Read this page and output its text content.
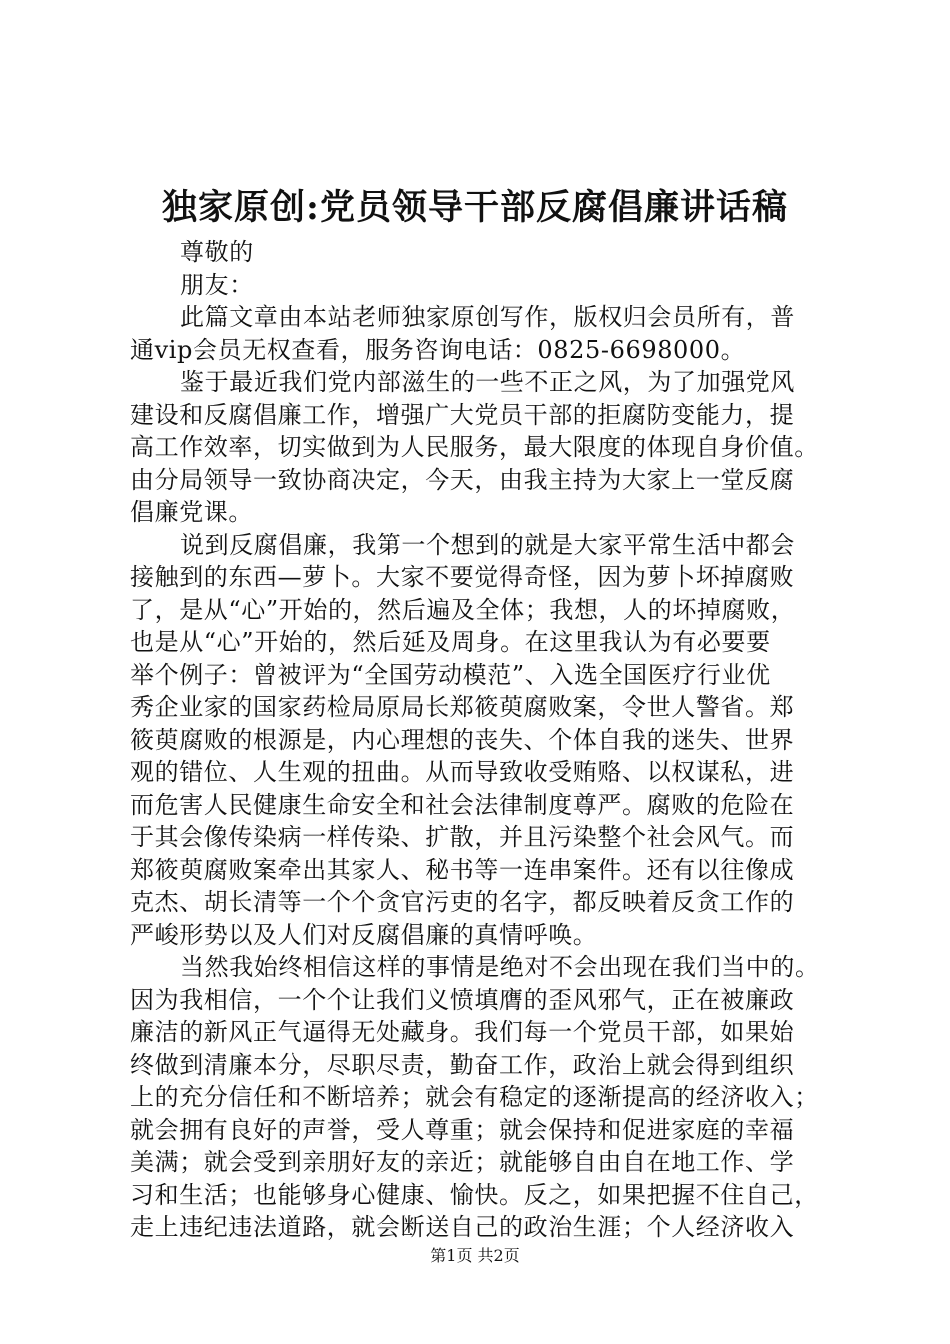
独家原创:党员领导干部反腐倡廉讲话稿
尊敬的
朋友：
此篇文章由本站老师独家原创写作，版权归会员所有，普
通vip会员无权查看，服务咨询电话：0825-6698000。
鉴于最近我们党内部滋生的一些不正之风，为了加强党风
建设和反腐倡廉工作，增强广大党员干部的拒腐防变能力，提
高工作效率，切实做到为人民服务，最大限度的体现自身价值。
由分局领导一致协商决定，今天，由我主持为大家上一堂反腐
倡廉党课。
说到反腐倡廉，我第一个想到的就是大家平常生活中都会
接触到的东西—萝卜。大家不要觉得奇怪，因为萝卜坏掉腐败
了，是从“心”开始的，然后遍及全体；我想，人的坏掉腐败，
也是从“心”开始的，然后延及周身。在这里我认为有必要要
举个例子：曾被评为“全国劳动模范”、入选全国医疗行业优
秀企业家的国家药检局原局长郑筱萸腐败案，令世人警省。郑
筱萸腐败的根源是，内心理想的丧失、个体自我的迷失、世界
观的错位、人生观的扭曲。从而导致收受贿赂、以权谋私，进
而危害人民健康生命安全和社会法律制度尊严。腐败的危险在
于其会像传染病一样传染、扩散，并且污染整个社会风气。而
郑筱萸腐败案牵出其家人、秘书等一连串案件。还有以往像成
克杰、胡长清等一个个贪官污吏的名字，都反映着反贪工作的
严峻形势以及人们对反腐倡廉的真情呼唤。
当然我始终相信这样的事情是绝对不会出现在我们当中的。
因为我相信，一个个让我们义愤填膺的歪风邪气，正在被廉政
廉洁的新风正气逼得无处藏身。我们每一个党员干部，如果始
终做到清廉本分，尽职尽责，勤奋工作，政治上就会得到组织
上的充分信任和不断培养；就会有稳定的逐渐提高的经济收入；
就会拥有良好的声誉，受人尊重；就会保持和促进家庭的幸福
美满；就会受到亲朋好友的亲近；就能够自由自在地工作、学
习和生活；也能够身心健康、愉快。反之，如果把握不住自己，
走上违纪违法道路，就会断送自己的政治生涯；个人经济收入
第1页 共2页
